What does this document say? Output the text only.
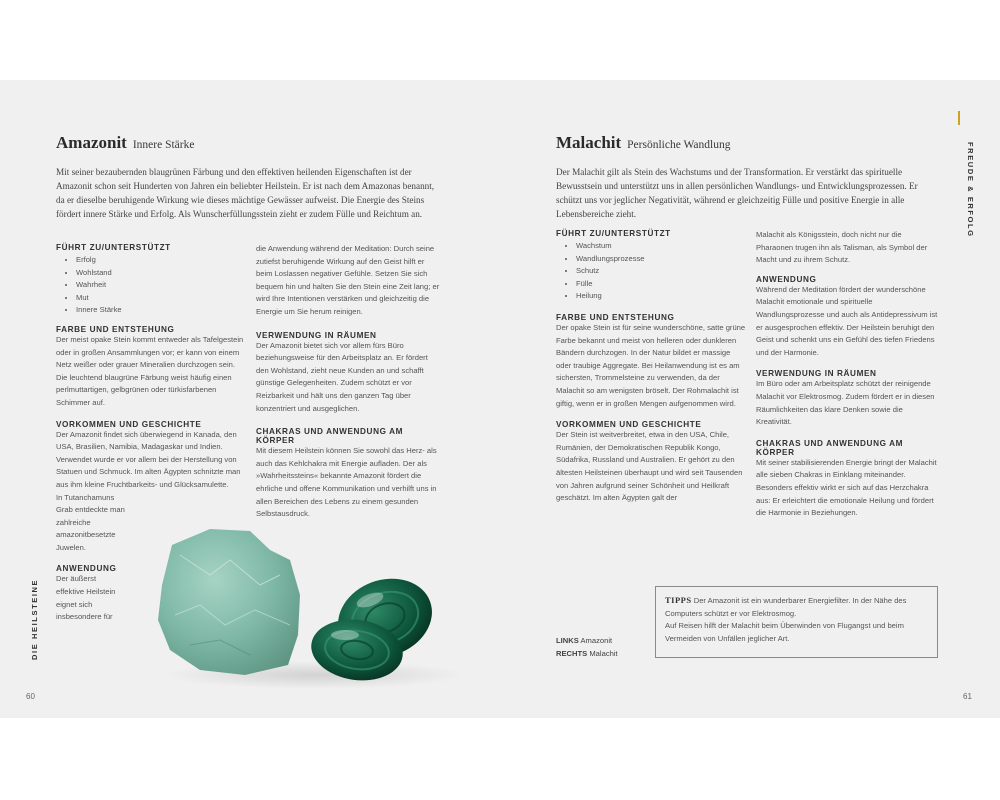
Amazonit Innere Stärke
Mit seiner bezaubernden blaugrünen Färbung und den effektiven heilenden Eigenschaften ist der Amazonit schon seit Hunderten von Jahren ein beliebter Heilstein. Er ist nach dem Amazonas benannt, da er dieselbe beruhigende Wirkung wie dieses mächtige Gewässer aufweist. Die Energie des Steins fördert innere Stärke und Erfolg. Als Wunscherfüllungsstein zieht er zudem Fülle und Reichtum an.

FÜHRT ZU/UNTERSTÜTZT

• Erfolg
• Wohlstand
• Wahrheit
• Mut
• Innere Stärke

FARBE UND ENTSTEHUNG

Der meist opake Stein kommt entweder als Tafelgestein oder in großen Ansammlungen vor; er kann von einem Netz weißer oder grauer Mineralien durchzogen sein. Die leuchtend blaugrüne Färbung weist häufig einen perlmuttartigen, gelbgrünen oder türkisfarbenen Schimmer auf.

VORKOMMEN UND GESCHICHTE

Der Amazonit findet sich überwiegend in Kanada, den USA, Brasilien, Namibia, Madagaskar und Indien. Verwendet wurde er vor allem bei der Herstellung von Statuen und Schmuck. Im alten Ägypten schnitzte man aus ihm kleine Fruchtbarkeits- und Glücksamulette.

In Tutanchamuns Grab entdeckte man zahlreiche amazonitbesetzte Juwelen.

ANWENDUNG

Der äußerst effektive Heilstein eignet sich insbesondere für

die Anwendung während der Meditation: Durch seine zutiefst beruhigende Wirkung auf den Geist hilft er beim Loslassen negativer Gefühle. Setzen Sie sich bequem hin und halten Sie den Stein eine Zeit lang; er wird Ihre Intentionen verstärken und gleichzeitig die Energie um Sie herum reinigen.

VERWENDUNG IN RÄUMEN

Der Amazonit bietet sich vor allem fürs Büro beziehungsweise für den Arbeitsplatz an. Er fördert den Wohlstand, zieht neue Kunden an und schafft günstige Gelegenheiten. Zudem schützt er vor Reizbarkeit und hält uns den ganzen Tag über konzentriert und ausgeglichen.

CHAKRAS UND ANWENDUNG AM KÖRPER

Mit diesem Heilstein können Sie sowohl das Herz- als auch das Kehlchakra mit Energie aufladen. Der als »Wahrheitssteins« bekannte Amazonit fördert die ehrliche und offene Kommunikation und verhilft uns in allen Bereichen des Lebens zu einem gesunden Selbstausdruck.

DIE HEILSTEINE
60
Malachit Persönliche Wandlung
Der Malachit gilt als Stein des Wachstums und der Transformation. Er verstärkt das spirituelle Bewusstsein und unterstützt uns in allen persönlichen Wandlungs- und Entwicklungsprozessen. Er schützt uns vor jeglicher Negativität, während er gleichzeitig Fülle und positive Energie in alle Lebensbereiche zieht.

FÜHRT ZU/UNTERSTÜTZT

• Wachstum
• Wandlungsprozesse
• Schutz
• Fülle
• Heilung

FARBE UND ENTSTEHUNG

Der opake Stein ist für seine wunderschöne, satte grüne Farbe bekannt und meist von helleren oder dunkleren Bändern durchzogen. In der Natur bildet er massige oder traubige Aggregate. Bei Heilanwendung ist es am sichersten, Trommelsteine zu verwenden, da der Malachit so am wenigsten bröselt. Der Rohmalachit ist giftig, wenn er in großen Mengen aufgenommen wird.

VORKOMMEN UND GESCHICHTE

Der Stein ist weitverbreitet, etwa in den USA, Chile, Rumänien, der Demokratischen Republik Kongo, Südafrika, Russland und Australien. Er gehört zu den ältesten Heilsteinen überhaupt und wird seit Tausenden von Jahren aufgrund seiner Schönheit und Heilkraft geschätzt. Im alten Ägypten galt der

Malachit als Königsstein, doch nicht nur die Pharaonen trugen ihn als Talisman, als Symbol der Macht und zu ihrem Schutz.

ANWENDUNG

Während der Meditation fördert der wunderschöne Malachit emotionale und spirituelle Wandlungsprozesse und auch als Antidepressivum ist er ausgesprochen effektiv. Der Heilstein beruhigt den Geist und schenkt uns ein Gefühl des tiefen Friedens und der Harmonie.

VERWENDUNG IN RÄUMEN

Im Büro oder am Arbeitsplatz schützt der reinigende Malachit vor Elektrosmog. Zudem fördert er in diesen Räumlichkeiten das klare Denken sowie die Kreativität.

CHAKRAS UND ANWENDUNG AM KÖRPER

Mit seiner stabilisierenden Energie bringt der Malachit alle sieben Chakras in Einklang miteinander. Besonders effektiv wirkt er sich auf das Herzchakra aus: Er erleichtert die emotionale Heilung und fördert die Harmonie in Beziehungen.

LINKS Amazonit
RECHTS Malachit
TIPPS Der Amazonit ist ein wunderbarer Energiefilter. In der Nähe des Computers schützt er vor Elektrosmog.
Auf Reisen hilft der Malachit beim Überwinden von Flugangst und beim Vermeiden von Unfällen jeglicher Art.
FREUDE & ERFOLG
61
